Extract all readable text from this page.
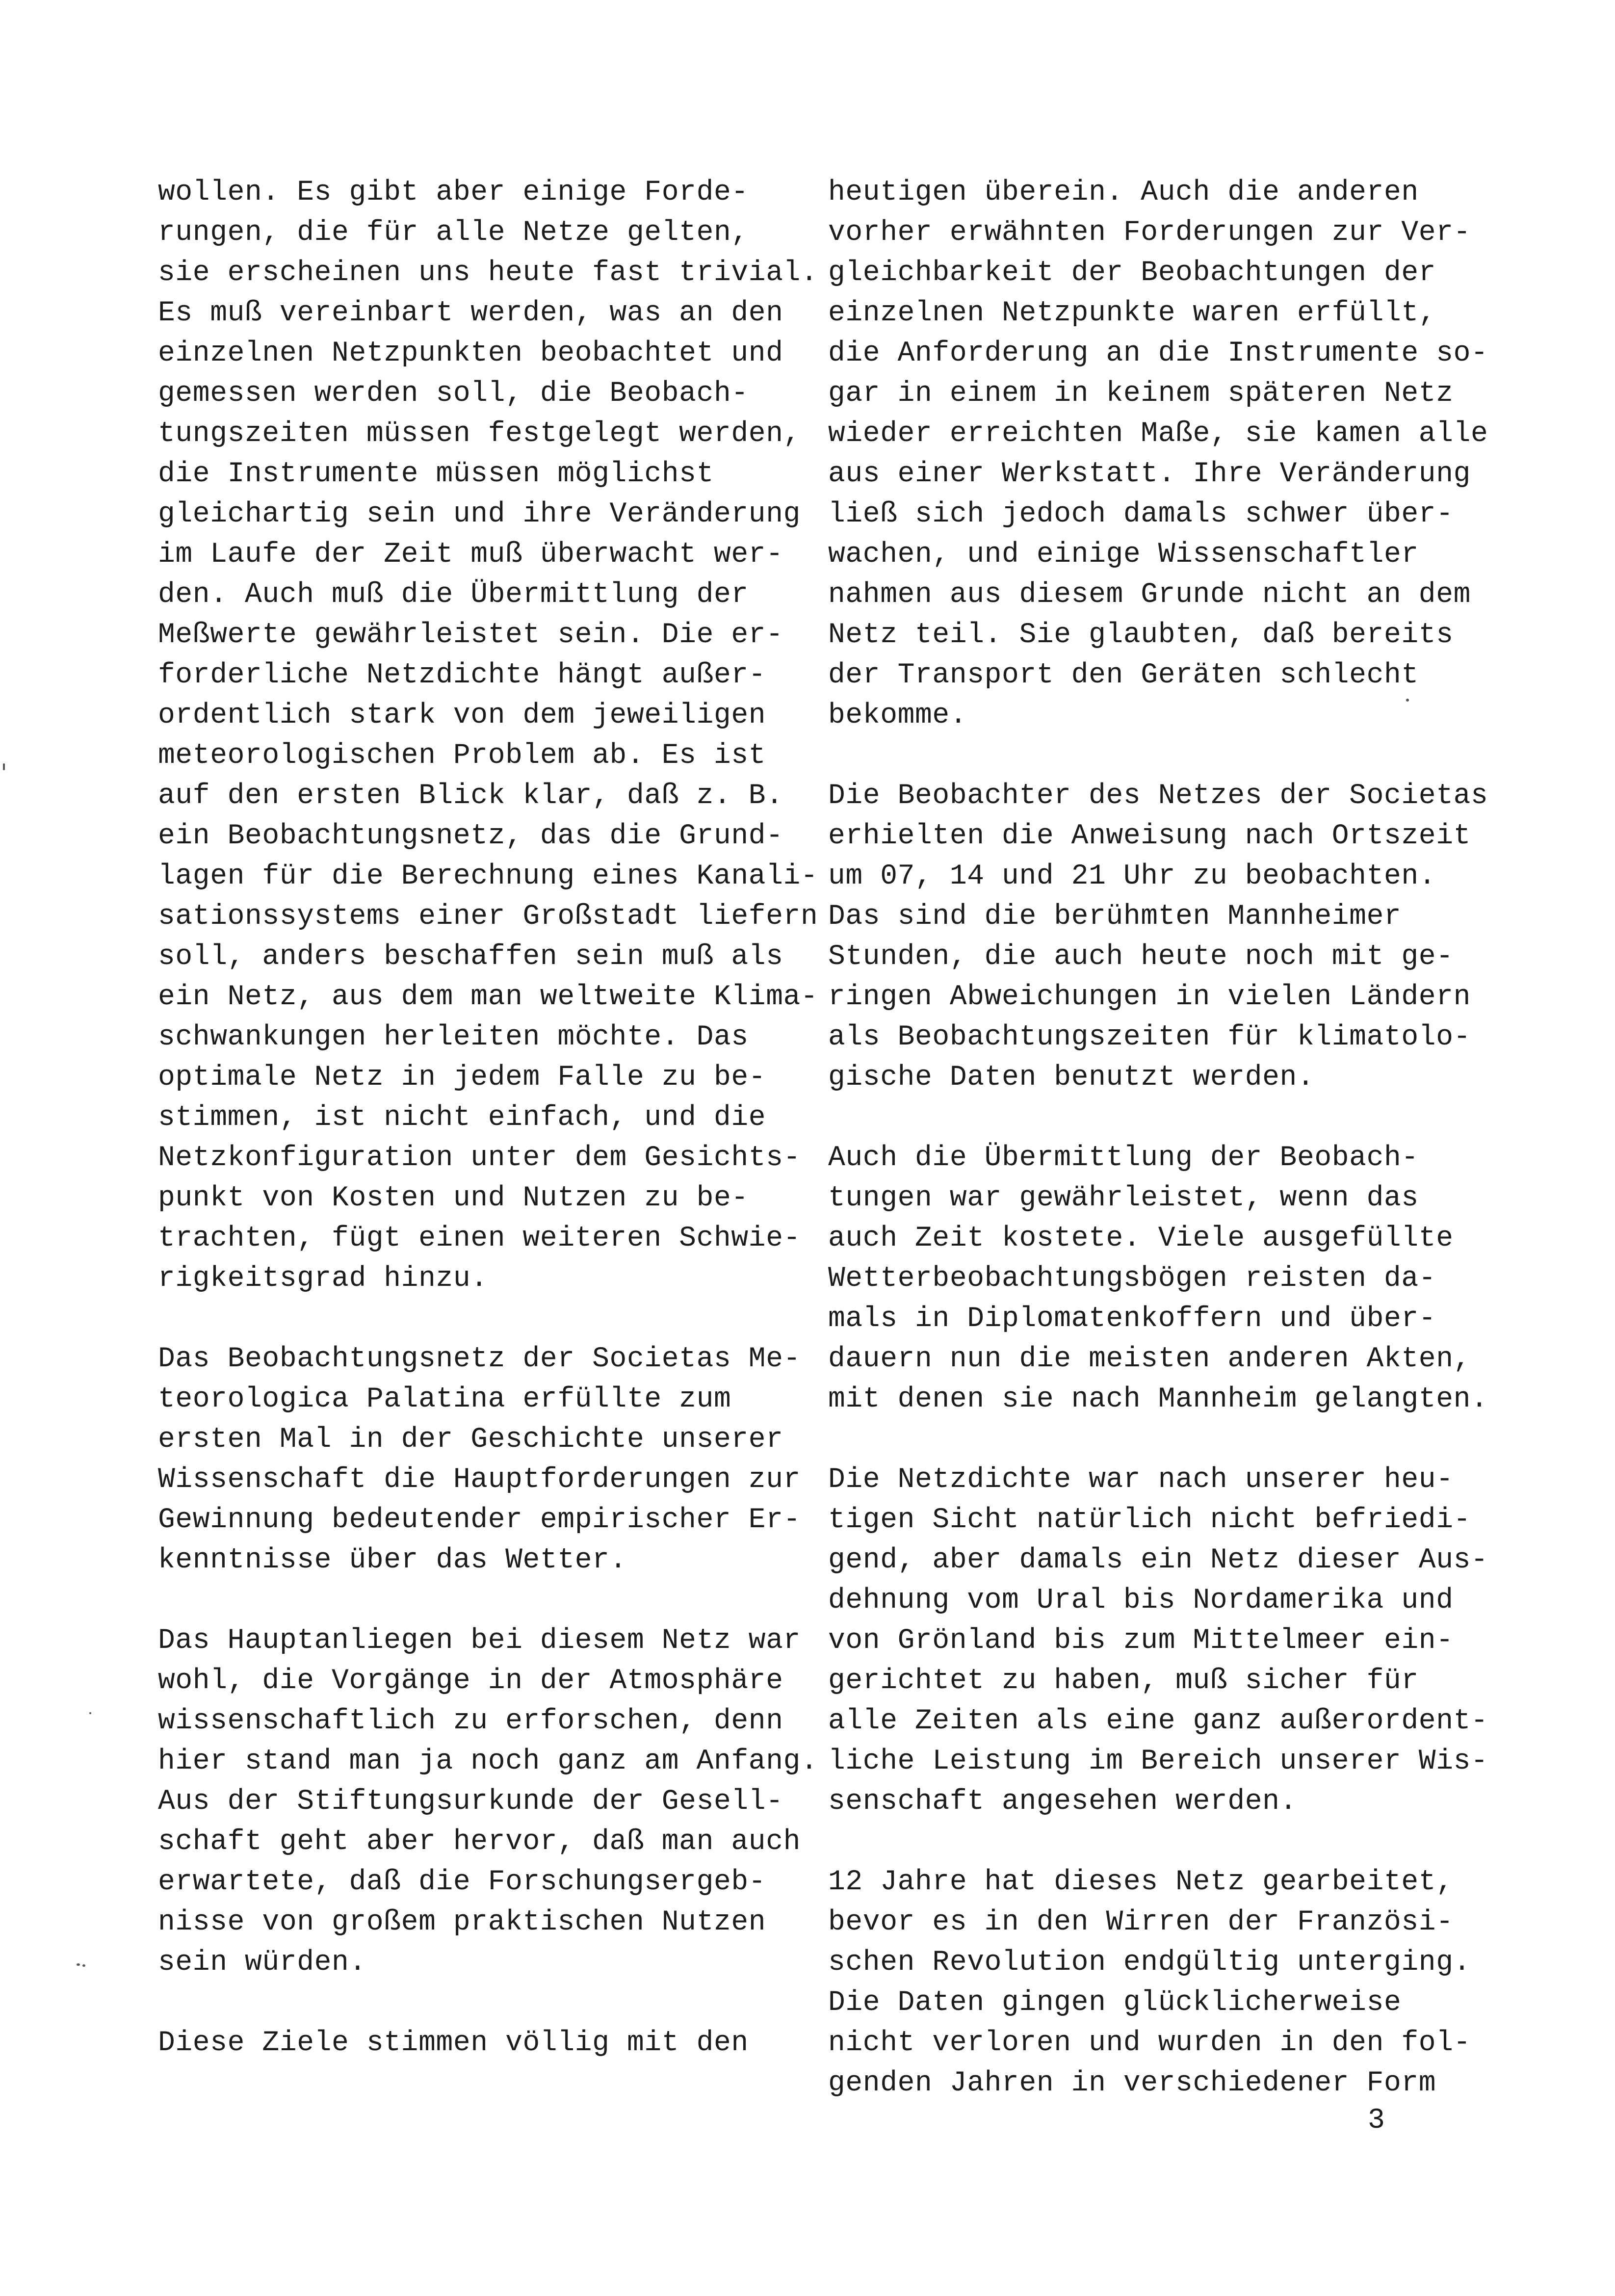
wollen. Es gibt aber einige Forde-
rungen, die für alle Netze gelten,
sie erscheinen uns heute fast trivial.
Es muß vereinbart werden, was an den
einzelnen Netzpunkten beobachtet und
gemessen werden soll, die Beobach-
tungszeiten müssen festgelegt werden,
die Instrumente müssen möglichst
gleichartig sein und ihre Veränderung
im Laufe der Zeit muß überwacht wer-
den. Auch muß die Übermittlung der
Meßwerte gewährleistet sein. Die er-
forderliche Netzdichte hängt außer-
ordentlich stark von dem jeweiligen
meteorologischen Problem ab. Es ist
auf den ersten Blick klar, daß z. B.
ein Beobachtungsnetz, das die Grund-
lagen für die Berechnung eines Kanali-
sationssystems einer Großstadt liefern
soll, anders beschaffen sein muß als
ein Netz, aus dem man weltweite Klima-
schwankungen herleiten möchte. Das
optimale Netz in jedem Falle zu be-
stimmen, ist nicht einfach, und die
Netzkonfiguration unter dem Gesichts-
punkt von Kosten und Nutzen zu be-
trachten, fügt einen weiteren Schwie-
rigkeitsgrad hinzu.
Das Beobachtungsnetz der Societas Me-
teorologica Palatina erfüllte zum
ersten Mal in der Geschichte unserer
Wissenschaft die Hauptforderungen zur
Gewinnung bedeutender empirischer Er-
kenntnisse über das Wetter.
Das Hauptanliegen bei diesem Netz war
wohl, die Vorgänge in der Atmosphäre
wissenschaftlich zu erforschen, denn
hier stand man ja noch ganz am Anfang.
Aus der Stiftungsurkunde der Gesell-
schaft geht aber hervor, daß man auch
erwartete, daß die Forschungsergeb-
nisse von großem praktischen Nutzen
sein würden.
Diese Ziele stimmen völlig mit den
heutigen überein. Auch die anderen
vorher erwähnten Forderungen zur Ver-
gleichbarkeit der Beobachtungen der
einzelnen Netzpunkte waren erfüllt,
die Anforderung an die Instrumente so-
gar in einem in keinem späteren Netz
wieder erreichten Maße, sie kamen alle
aus einer Werkstatt. Ihre Veränderung
ließ sich jedoch damals schwer über-
wachen, und einige Wissenschaftler
nahmen aus diesem Grunde nicht an dem
Netz teil. Sie glaubten, daß bereits
der Transport den Geräten schlecht
bekomme.
Die Beobachter des Netzes der Societas
erhielten die Anweisung nach Ortszeit
um 07, 14 und 21 Uhr zu beobachten.
Das sind die berühmten Mannheimer
Stunden, die auch heute noch mit ge-
ringen Abweichungen in vielen Ländern
als Beobachtungszeiten für klimatolo-
gische Daten benutzt werden.
Auch die Übermittlung der Beobach-
tungen war gewährleistet, wenn das
auch Zeit kostete. Viele ausgefüllte
Wetterbeobachtungsbögen reisten da-
mals in Diplomatenkoffern und über-
dauern nun die meisten anderen Akten,
mit denen sie nach Mannheim gelangten.
Die Netzdichte war nach unserer heu-
tigen Sicht natürlich nicht befriedi-
gend, aber damals ein Netz dieser Aus-
dehnung vom Ural bis Nordamerika und
von Grönland bis zum Mittelmeer ein-
gerichtet zu haben, muß sicher für
alle Zeiten als eine ganz außerordent-
liche Leistung im Bereich unserer Wis-
senschaft angesehen werden.
12 Jahre hat dieses Netz gearbeitet,
bevor es in den Wirren der Französi-
schen Revolution endgültig unterging.
Die Daten gingen glücklicherweise
nicht verloren und wurden in den fol-
genden Jahren in verschiedener Form
3
